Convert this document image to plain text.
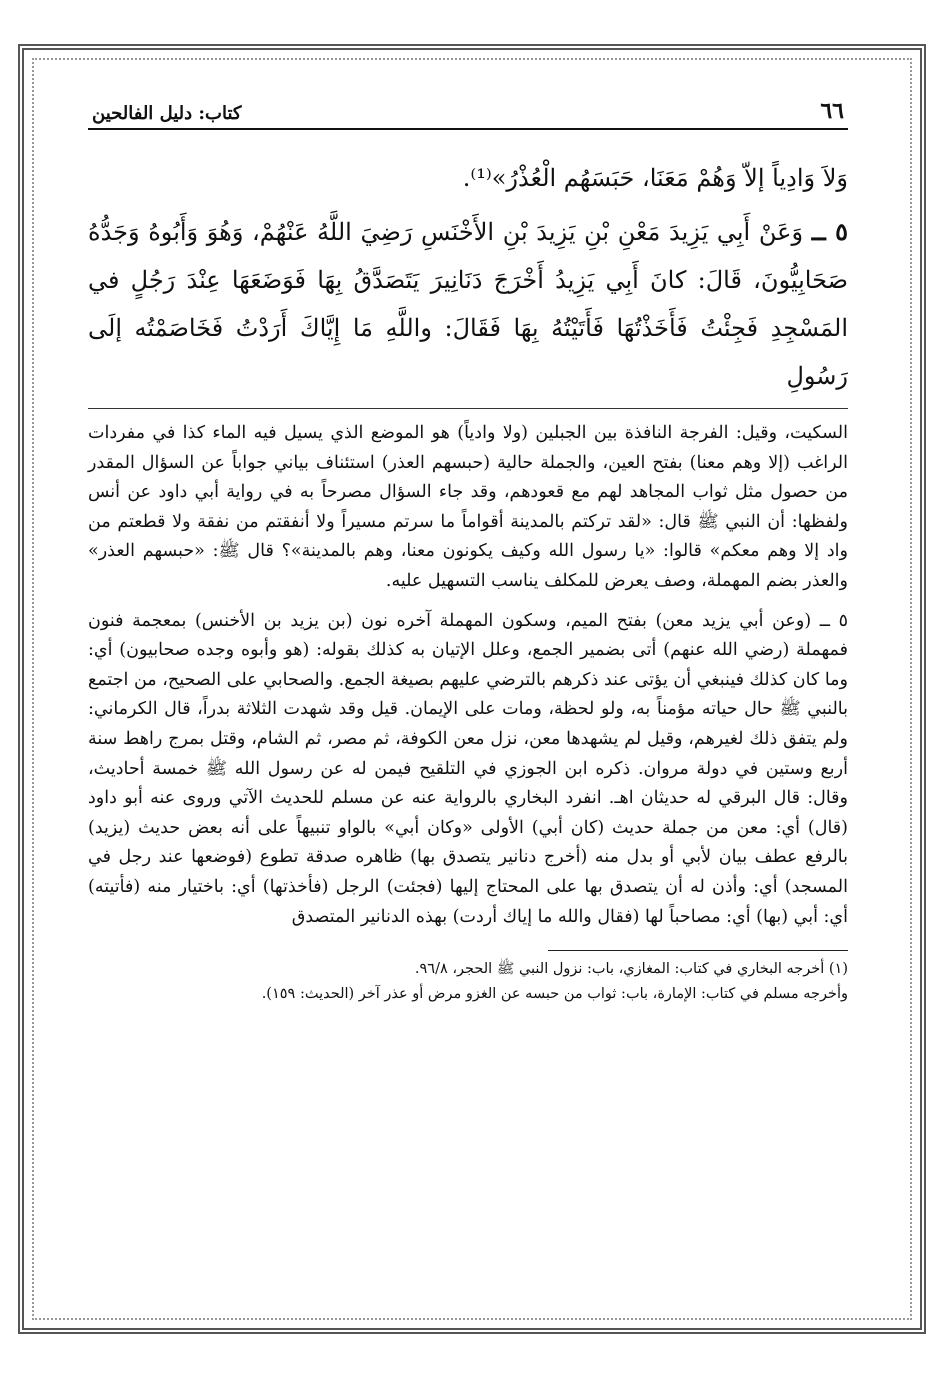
٦٦
كتاب: دليل الفالحين

وَلاَ وَادِياً إلاّ وَهُمْ مَعَنَا، حَبَسَهُم الْعُذْرُ»⁽¹⁾.

٥ ــ وَعَنْ أَبِي يَزِيدَ مَعْنِ بْنِ يَزِيدَ بْنِ الأَخْنَسِ رَضِيَ اللَّهُ عَنْهُمْ، وَهُوَ وَأَبُوهُ وَجَدُّهُ صَحَابِيُّونَ، قَالَ: كانَ أَبِي يَزِيدُ أَخْرَجَ دَنَانِيرَ يَتَصَدَّقُ بِهَا فَوَضَعَهَا عِنْدَ رَجُلٍ في المَسْجِدِ فَجِئْتُ فَأَخَذْتُهَا فَأَتَيْتُهُ بِهَا فَقَالَ: واللَّهِ مَا إِيَّاكَ أَرَدْتُ فَخَاصَمْتُه إلَى رَسُولِ

السكيت، وقيل: الفرجة النافذة بين الجبلين (ولا وادياً) هو الموضع الذي يسيل فيه الماء كذا في مفردات الراغب (إلا وهم معنا) بفتح العين، والجملة حالية (حبسهم العذر) استئناف بياني جواباً عن السؤال المقدر من حصول مثل ثواب المجاهد لهم مع قعودهم، وقد جاء السؤال مصرحاً به في رواية أبي داود عن أنس ولفظها: أن النبي ﷺ قال: «لقد تركتم بالمدينة أقواماً ما سرتم مسيراً ولا أنفقتم من نفقة ولا قطعتم من واد إلا وهم معكم» قالوا: «يا رسول الله وكيف يكونون معنا، وهم بالمدينة»؟ قال ﷺ: «حبسهم العذر» والعذر بضم المهملة، وصف يعرض للمكلف يناسب التسهيل عليه.

٥ ــ (وعن أبي يزيد معن) بفتح الميم، وسكون المهملة آخره نون (بن يزيد بن الأخنس) بمعجمة فنون فمهملة (رضي الله عنهم) أتى بضمير الجمع، وعلل الإتيان به كذلك بقوله: (هو وأبوه وجده صحابيون) أي: وما كان كذلك فينبغي أن يؤتى عند ذكرهم بالترضي عليهم بصيغة الجمع. والصحابي على الصحيح، من اجتمع بالنبي ﷺ حال حياته مؤمناً به، ولو لحظة، ومات على الإيمان. قيل وقد شهدت الثلاثة بدراً، قال الكرماني: ولم يتفق ذلك لغيرهم، وقيل لم يشهدها معن، نزل معن الكوفة، ثم مصر، ثم الشام، وقتل بمرج راهط سنة أربع وستين في دولة مروان. ذكره ابن الجوزي في التلقيح فيمن له عن رسول الله ﷺ خمسة أحاديث، وقال: قال البرقي له حديثان اهـ. انفرد البخاري بالرواية عنه عن مسلم للحديث الآتي وروى عنه أبو داود (قال) أي: معن من جملة حديث (كان أبي) الأولى «وكان أبي» بالواو تنبيهاً على أنه بعض حديث (يزيد) بالرفع عطف بيان لأبي أو بدل منه (أخرج دنانير يتصدق بها) ظاهره صدقة تطوع (فوضعها عند رجل في المسجد) أي: وأذن له أن يتصدق بها على المحتاج إليها (فجئت) الرجل (فأخذتها) أي: باختيار منه (فأتيته) أي: أبي (بها) أي: مصاحباً لها (فقال والله ما إياك أردت) بهذه الدنانير المتصدق

(١) أخرجه البخاري في كتاب: المغازي، باب: نزول النبي ﷺ الحجر، ٩٦/٨.

وأخرجه مسلم في كتاب: الإمارة، باب: ثواب من حبسه عن الغزو مرض أو عذر آخر (الحديث: ١٥٩).
